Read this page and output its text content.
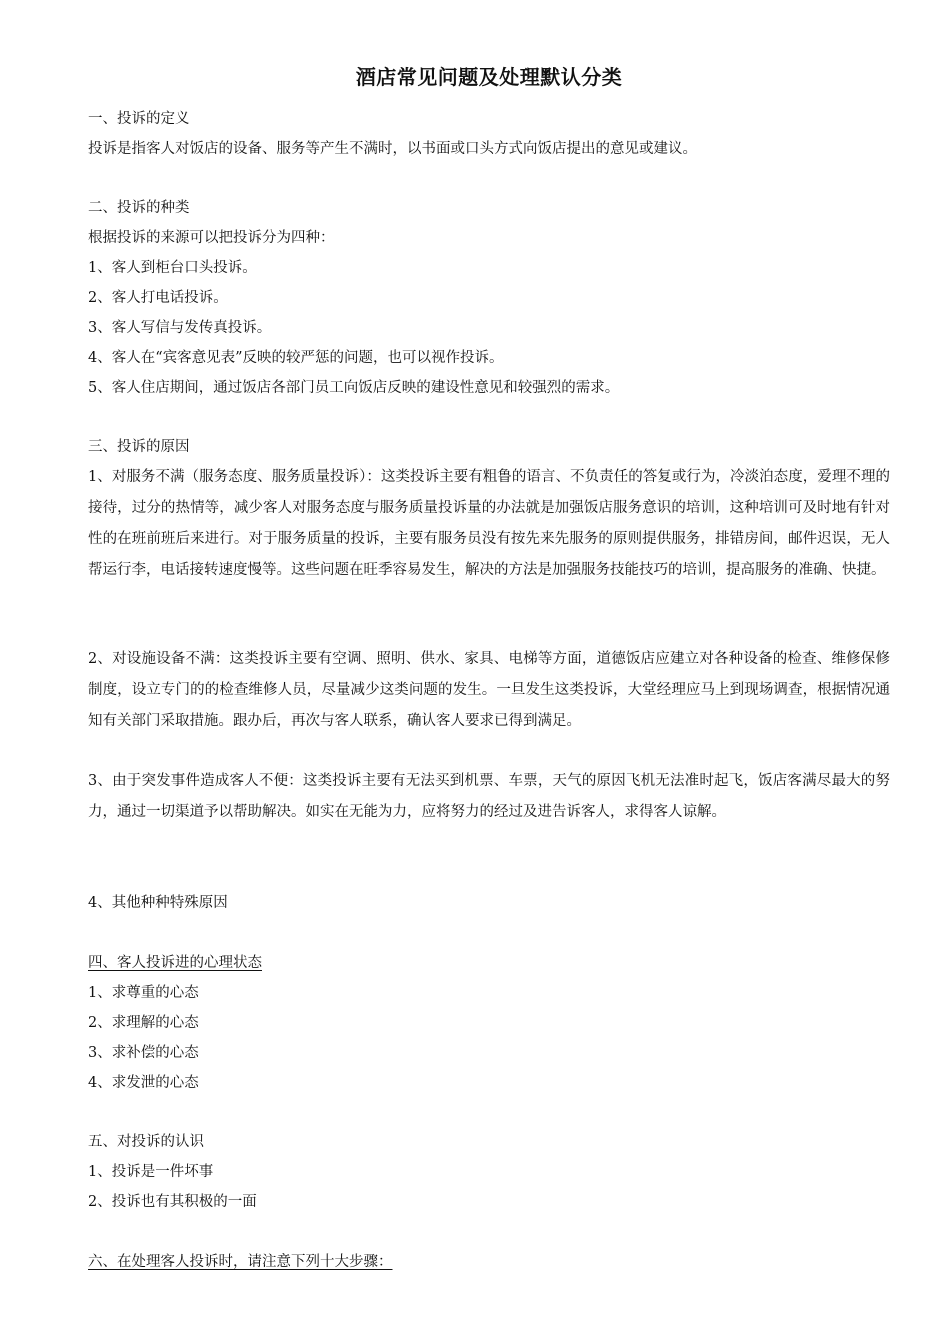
酒店常见问题及处理默认分类

一、投诉的定义

投诉是指客人对饭店的设备、服务等产生不满时，以书面或口头方式向饭店提出的意见或建议。

二、投诉的种类

根据投诉的来源可以把投诉分为四种：

1、客人到柜台口头投诉。

2、客人打电话投诉。

3、客人写信与发传真投诉。

4、客人在“宾客意见表”反映的较严惩的问题，也可以视作投诉。

5、客人住店期间，通过饭店各部门员工向饭店反映的建设性意见和较强烈的需求。

三、投诉的原因

1、对服务不满（服务态度、服务质量投诉）：这类投诉主要有粗鲁的语言、不负责任的答复或行为，冷淡泊态度，爱理不理的接待，过分的热情等，减少客人对服务态度与服务质量投诉量的办法就是加强饭店服务意识的培训，这种培训可及时地有针对性的在班前班后来进行。对于服务质量的投诉，主要有服务员没有按先来先服务的原则提供服务，排错房间，邮件迟误，无人帮运行李，电话接转速度慢等。这些问题在旺季容易发生，解决的方法是加强服务技能技巧的培训，提高服务的准确、快捷。

2、对设施设备不满：这类投诉主要有空调、照明、供水、家具、电梯等方面，道德饭店应建立对各种设备的检查、维修保修制度，设立专门的的检查维修人员，尽量减少这类问题的发生。一旦发生这类投诉，大堂经理应马上到现场调查，根据情况通知有关部门采取措施。跟办后，再次与客人联系，确认客人要求已得到满足。

3、由于突发事件造成客人不便：这类投诉主要有无法买到机票、车票，天气的原因飞机无法准时起飞，饭店客满尽最大的努力，通过一切渠道予以帮助解决。如实在无能为力，应将努力的经过及进告诉客人，求得客人谅解。

4、其他种种特殊原因

四、客人投诉进的心理状态

1、求尊重的心态

2、求理解的心态

3、求补偿的心态

4、求发泄的心态

五、对投诉的认识

1、投诉是一件坏事

2、投诉也有其积极的一面

六、在处理客人投诉时，请注意下列十大步骤：
